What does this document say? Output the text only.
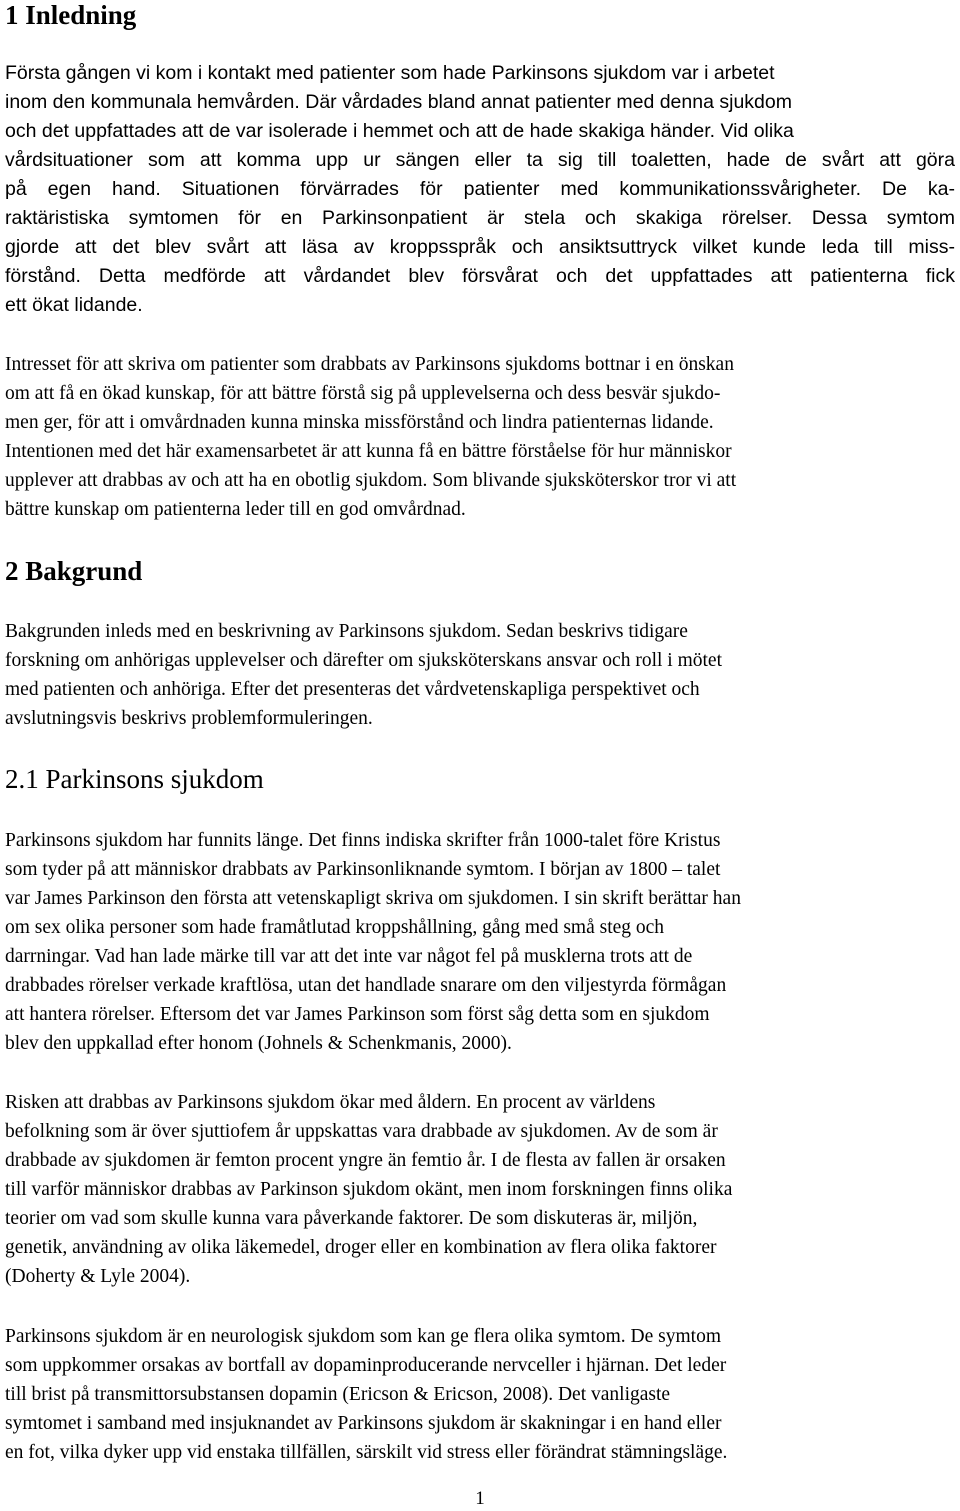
1 Inledning
Första gången vi kom i kontakt med patienter som hade Parkinsons sjukdom var i arbetet
inom den kommunala hemvården. Där vårdades bland annat patienter med denna sjukdom
och det uppfattades att de var isolerade i hemmet och att de hade skakiga händer. Vid olika
vårdsituationer som att komma upp ur sängen eller ta sig till toaletten, hade de svårt att göra
på egen hand. Situationen förvärrades för patienter med kommunikationssvårigheter. De ka-
raktäristiska symtomen för en Parkinsonpatient är stela och skakiga rörelser. Dessa symtom
gjorde att det blev svårt att läsa av kroppsspråk och ansiktsuttryck vilket kunde leda till miss-
förstånd. Detta medförde att vårdandet blev försvårat och det uppfattades att patienterna fick
ett ökat lidande.
Intresset för att skriva om patienter som drabbats av Parkinsons sjukdoms bottnar i en önskan
om att få en ökad kunskap, för att bättre förstå sig på upplevelserna och dess besvär sjukdo-
men ger, för att i omvårdnaden kunna minska missförstånd och lindra patienternas lidande.
Intentionen med det här examensarbetet är att kunna få en bättre förståelse för hur människor
upplever att drabbas av och att ha en obotlig sjukdom. Som blivande sjuksköterskor tror vi att
bättre kunskap om patienterna leder till en god omvårdnad.
2 Bakgrund
Bakgrunden inleds med en beskrivning av Parkinsons sjukdom. Sedan beskrivs tidigare
forskning om anhörigas upplevelser och därefter om sjuksköterskans ansvar och roll i mötet
med patienten och anhöriga. Efter det presenteras det vårdvetenskapliga perspektivet och
avslutningsvis beskrivs problemformuleringen.
2.1 Parkinsons sjukdom
Parkinsons sjukdom har funnits länge. Det finns indiska skrifter från 1000-talet före Kristus
som tyder på att människor drabbats av Parkinsonliknande symtom. I början av 1800 – talet
var James Parkinson den första att vetenskapligt skriva om sjukdomen. I sin skrift berättar han
om sex olika personer som hade framåtlutad kroppshållning, gång med små steg och
darrningar. Vad han lade märke till var att det inte var något fel på musklerna trots att de
drabbades rörelser verkade kraftlösa, utan det handlade snarare om den viljestyrda förmågan
att hantera rörelser. Eftersom det var James Parkinson som först såg detta som en sjukdom
blev den uppkallad efter honom (Johnels & Schenkmanis, 2000).
Risken att drabbas av Parkinsons sjukdom ökar med åldern. En procent av världens
befolkning som är över sjuttiofem år uppskattas vara drabbade av sjukdomen. Av de som är
drabbade av sjukdomen är femton procent yngre än femtio år. I de flesta av fallen är orsaken
till varför människor drabbas av Parkinson sjukdom okänt, men inom forskningen finns olika
teorier om vad som skulle kunna vara påverkande faktorer. De som diskuteras är, miljön,
genetik, användning av olika läkemedel, droger eller en kombination av flera olika faktorer
(Doherty & Lyle 2004).
Parkinsons sjukdom är en neurologisk sjukdom som kan ge flera olika symtom. De symtom
som uppkommer orsakas av bortfall av dopaminproducerande nervceller i hjärnan. Det leder
till brist på transmittorsubstansen dopamin (Ericson & Ericson, 2008). Det vanligaste
symtomet i samband med insjuknandet av Parkinsons sjukdom är skakningar i en hand eller
en fot, vilka dyker upp vid enstaka tillfällen, särskilt vid stress eller förändrat stämningsläge.
1
